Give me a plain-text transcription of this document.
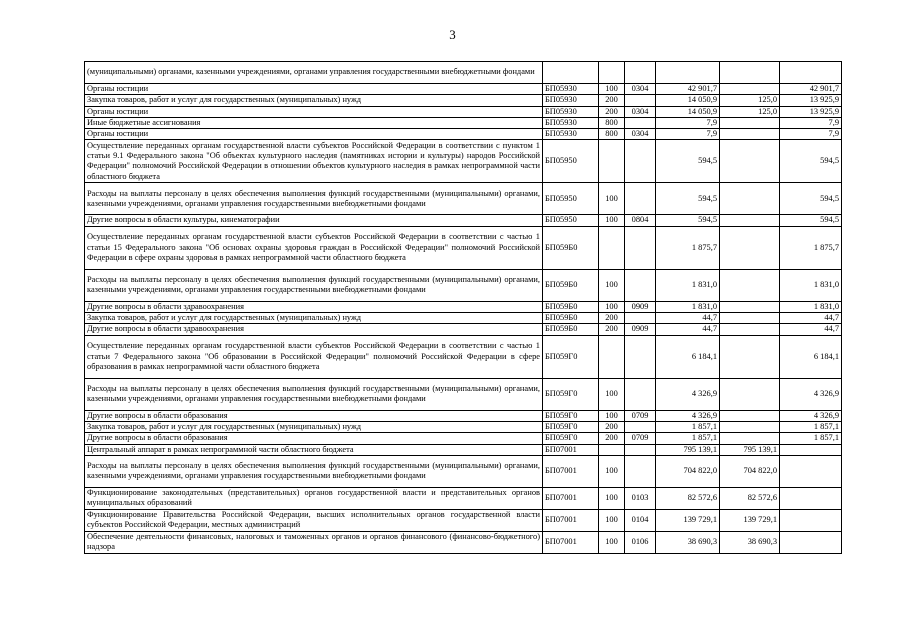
3
(муниципальными) органами, казенными учреждениями, органами управления государственными внебюджетными фондами						
Органы юстиции	БП05930	100	0304	42 901,7		42 901,7
Закупка товаров, работ и услуг для государственных (муниципальных) нужд	БП05930	200		14 050,9	125,0	13 925,9
Органы юстиции	БП05930	200	0304	14 050,9	125,0	13 925,9
Иные бюджетные ассигнования	БП05930	800		7,9		7,9
Органы юстиции	БП05930	800	0304	7,9		7,9
Осуществление переданных органам государственной власти субъектов Российской Федерации в соответствии с пунктом 1 статьи 9.1 Федерального закона "Об объектах культурного наследия (памятниках истории и культуры) народов Российской Федерации" полномочий Российской Федерации в отношении объектов культурного наследия в рамках непрограммной части областного бюджета	БП05950			594,5		594,5
Расходы на выплаты персоналу в целях обеспечения выполнения функций государственными (муниципальными) органами, казенными учреждениями, органами управления государственными внебюджетными фондами	БП05950	100		594,5		594,5
Другие вопросы в области культуры, кинематографии	БП05950	100	0804	594,5		594,5
Осуществление переданных органам государственной власти субъектов Российской Федерации в соответствии с частью 1 статьи 15 Федерального закона "Об основах охраны здоровья граждан в Российской Федерации" полномочий Российской Федерации в сфере охраны здоровья в рамках непрограммной части областного бюджета	БП059Б0			1 875,7		1 875,7
Расходы на выплаты персоналу в целях обеспечения выполнения функций государственными (муниципальными) органами, казенными учреждениями, органами управления государственными внебюджетными фондами	БП059Б0	100		1 831,0		1 831,0
Другие вопросы в области здравоохранения	БП059Б0	100	0909	1 831,0		1 831,0
Закупка товаров, работ и услуг для государственных (муниципальных) нужд	БП059Б0	200		44,7		44,7
Другие вопросы в области здравоохранения	БП059Б0	200	0909	44,7		44,7
Осуществление переданных органам государственной власти субъектов Российской Федерации в соответствии с частью 1 статьи 7 Федерального закона "Об образовании в Российской Федерации" полномочий Российской Федерации в сфере образования в рамках непрограммной части областного бюджета	БП059Г0			6 184,1		6 184,1
Расходы на выплаты персоналу в целях обеспечения выполнения функций государственными (муниципальными) органами, казенными учреждениями, органами управления государственными внебюджетными фондами	БП059Г0	100		4 326,9		4 326,9
Другие вопросы в области образования	БП059Г0	100	0709	4 326,9		4 326,9
Закупка товаров, работ и услуг для государственных (муниципальных) нужд	БП059Г0	200		1 857,1		1 857,1
Другие вопросы в области образования	БП059Г0	200	0709	1 857,1		1 857,1
Центральный аппарат в рамках непрограммной части областного бюджета	БП07001			795 139,1	795 139,1	
Расходы на выплаты персоналу в целях обеспечения выполнения функций государственными (муниципальными) органами, казенными учреждениями, органами управления государственными внебюджетными фондами	БП07001	100		704 822,0	704 822,0	
Функционирование законодательных (представительных) органов государственной власти и представительных органов муниципальных образований	БП07001	100	0103	82 572,6	82 572,6	
Функционирование Правительства Российской Федерации, высших исполнительных органов государственной власти субъектов Российской Федерации, местных администраций	БП07001	100	0104	139 729,1	139 729,1	
Обеспечение деятельности финансовых, налоговых и таможенных органов и органов финансового (финансово-бюджетного) надзора	БП07001	100	0106	38 690,3	38 690,3	
